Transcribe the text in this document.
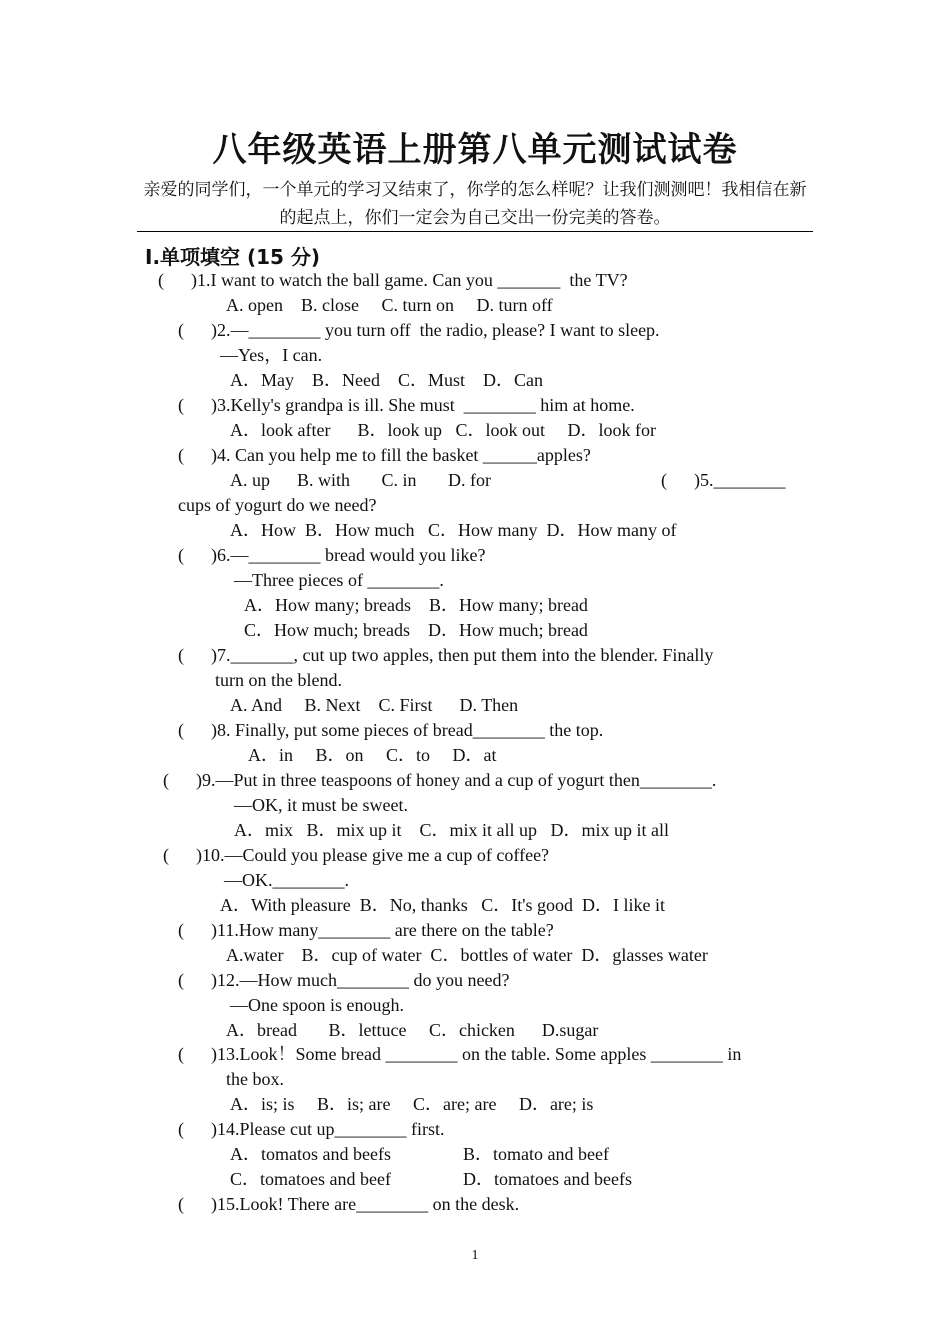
八年级英语上册第八单元测试试卷
亲爱的同学们，一个单元的学习又结束了，你学的怎么样呢？让我们测测吧！我相信在新的起点上，你们一定会为自己交出一份完美的答卷。
Ⅰ.单项填空 (15 分)
(      )1.I want to watch the ball game. Can you _______  the TV?
A. open    B. close     C. turn on     D. turn off
(      )2.—________ you turn off  the radio, please? I want to sleep.
—Yes，I can.
A．May    B．Need    C．Must    D．Can
(      )3.Kelly's grandpa is ill. She must  ________ him at home.
A．look after      B．look up   C．look out     D．look for
(      )4. Can you help me to fill the basket ______apples?
A. up      B. with       C. in       D. for	(      )5.________
cups of yogurt do we need?
A．How  B．How much   C．How many  D．How many of
(      )6.—________ bread would you like?
—Three pieces of ________.
A．How many; breads    B．How many; bread
C．How much; breads    D．How much; bread
(      )7._______, cut up two apples, then put them into the blender. Finally
turn on the blend.
A. And     B. Next    C. First      D. Then
(      )8. Finally, put some pieces of bread________ the top.
A．in     B．on     C．to     D．at
(      )9.—Put in three teaspoons of honey and a cup of yogurt then________.
—OK, it must be sweet.
A．mix   B．mix up it    C．mix it all up   D．mix up it all
(      )10.—Could you please give me a cup of coffee?
—OK.________.
A．With pleasure  B．No, thanks   C．It's good  D．I like it
(      )11.How many________ are there on the table?
A.water    B．cup of water  C．bottles of water  D．glasses water
(      )12.—How much________ do you need?
—One spoon is enough.
A．bread       B．lettuce     C．chicken      D.sugar
(      )13.Look！Some bread ________ on the table. Some apples ________ in
the box.
A．is; is     B．is; are     C．are; are     D．are; is
(      )14.Please cut up________ first.
A．tomatos and beefs	B．tomato and beef
C．tomatoes and beef	D．tomatoes and beefs
(      )15.Look! There are________ on the desk.
1
